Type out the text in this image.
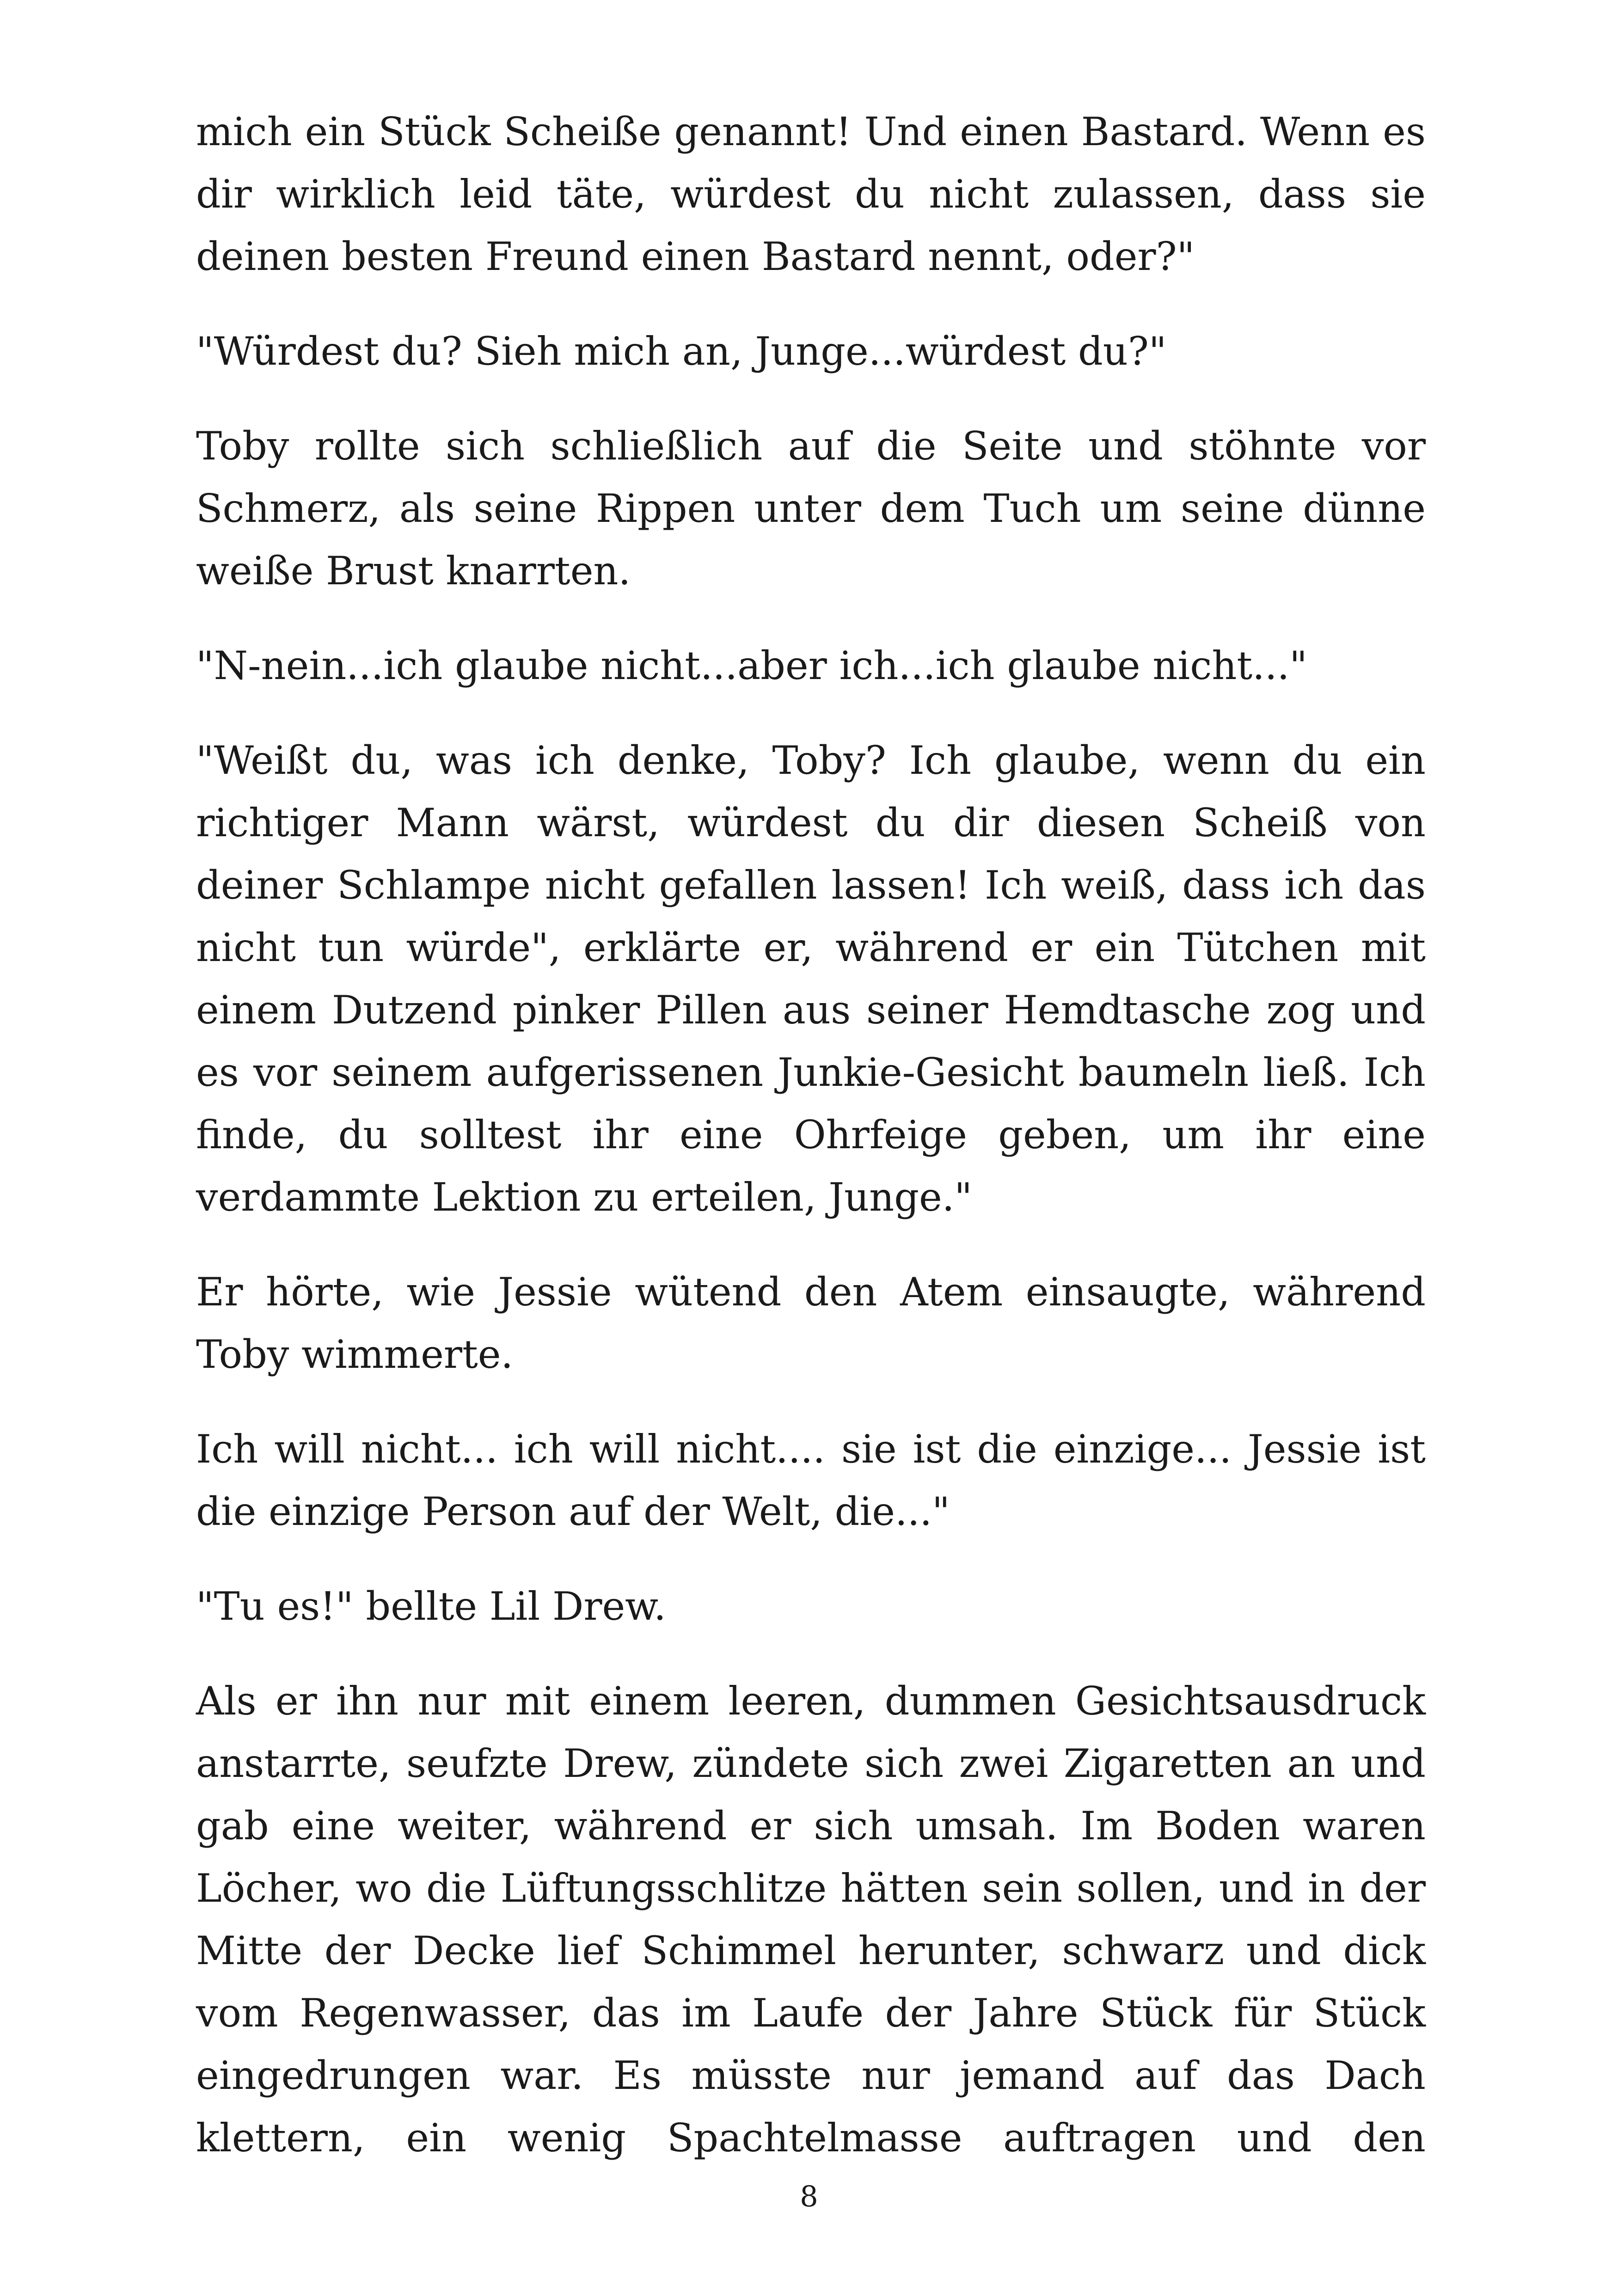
mich ein Stück Scheiße genannt! Und einen Bastard. Wenn es dir wirklich leid täte, würdest du nicht zulassen, dass sie deinen besten Freund einen Bastard nennt, oder?"

"Würdest du? Sieh mich an, Junge...würdest du?"

Toby rollte sich schließlich auf die Seite und stöhnte vor Schmerz, als seine Rippen unter dem Tuch um seine dünne weiße Brust knarrten.

"N-nein...ich glaube nicht...aber ich...ich glaube nicht..."

"Weißt du, was ich denke, Toby? Ich glaube, wenn du ein richtiger Mann wärst, würdest du dir diesen Scheiß von deiner Schlampe nicht gefallen lassen! Ich weiß, dass ich das nicht tun würde", erklärte er, während er ein Tütchen mit einem Dutzend pinker Pillen aus seiner Hemdtasche zog und es vor seinem aufgerissenen Junkie-Gesicht baumeln ließ. Ich finde, du solltest ihr eine Ohrfeige geben, um ihr eine verdammte Lektion zu erteilen, Junge."

Er hörte, wie Jessie wütend den Atem einsaugte, während Toby wimmerte.

Ich will nicht... ich will nicht.... sie ist die einzige... Jessie ist die einzige Person auf der Welt, die..."

"Tu es!" bellte Lil Drew.

Als er ihn nur mit einem leeren, dummen Gesichtsausdruck anstarrte, seufzte Drew, zündete sich zwei Zigaretten an und gab eine weiter, während er sich umsah. Im Boden waren Löcher, wo die Lüftungsschlitze hätten sein sollen, und in der Mitte der Decke lief Schimmel herunter, schwarz und dick vom Regenwasser, das im Laufe der Jahre Stück für Stück eingedrungen war. Es müsste nur jemand auf das Dach klettern, ein wenig Spachtelmasse auftragen und den

8
